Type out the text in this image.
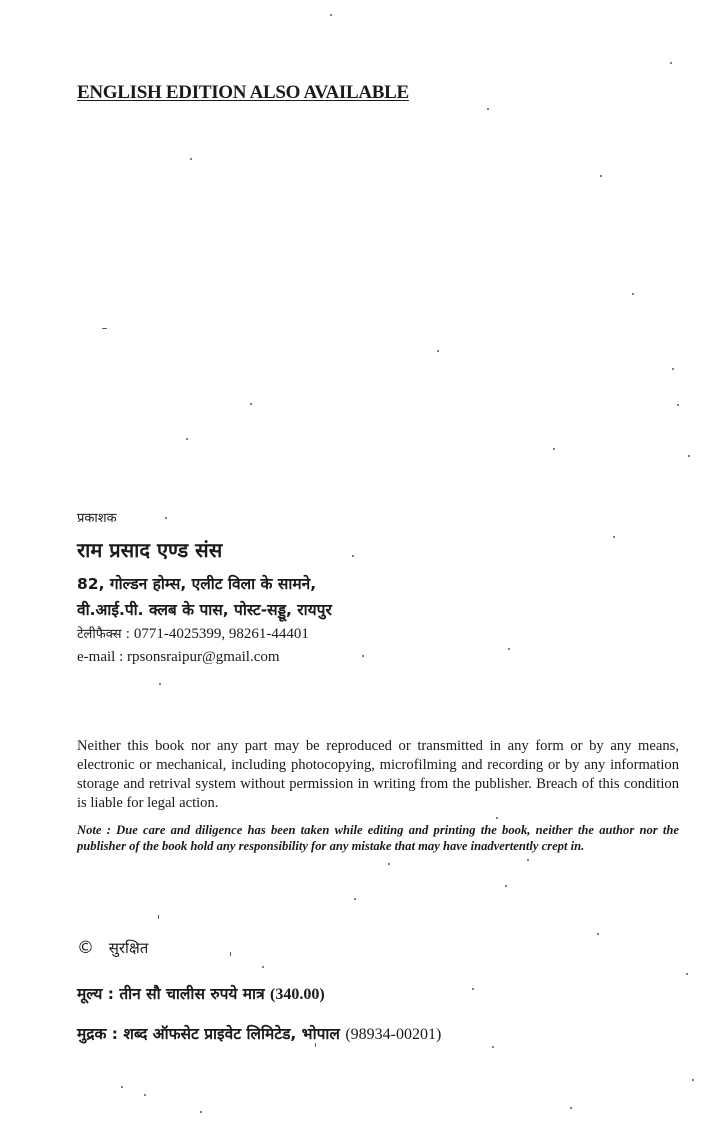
ENGLISH EDITION ALSO AVAILABLE
प्रकाशक
राम प्रसाद एण्ड संस
82, गोल्डन होम्स, एलीट विला के सामने,
वी.आई.पी. क्लब के पास, पोस्ट-सड्डू, रायपुर
टेलीफैक्स : 0771-4025399, 98261-44401
e-mail : rpsonsraipur@gmail.com
Neither this book nor any part may be reproduced or transmitted in any form or by any means, electronic or mechanical, including photocopying, microfilming and recording or by any information storage and retrival system without permission in writing from the publisher. Breach of this condition is liable for legal action.
Note : Due care and diligence has been taken while editing and printing the book, neither the author nor the publisher of the book hold any responsibility for any mistake that may have inadvertently crept in.
© सुरक्षित
मूल्य : तीन सौ चालीस रुपये मात्र (340.00)
मुद्रक : शब्द ऑफसेट प्राइवेट लिमिटेड, भोपाल (98934-00201)
